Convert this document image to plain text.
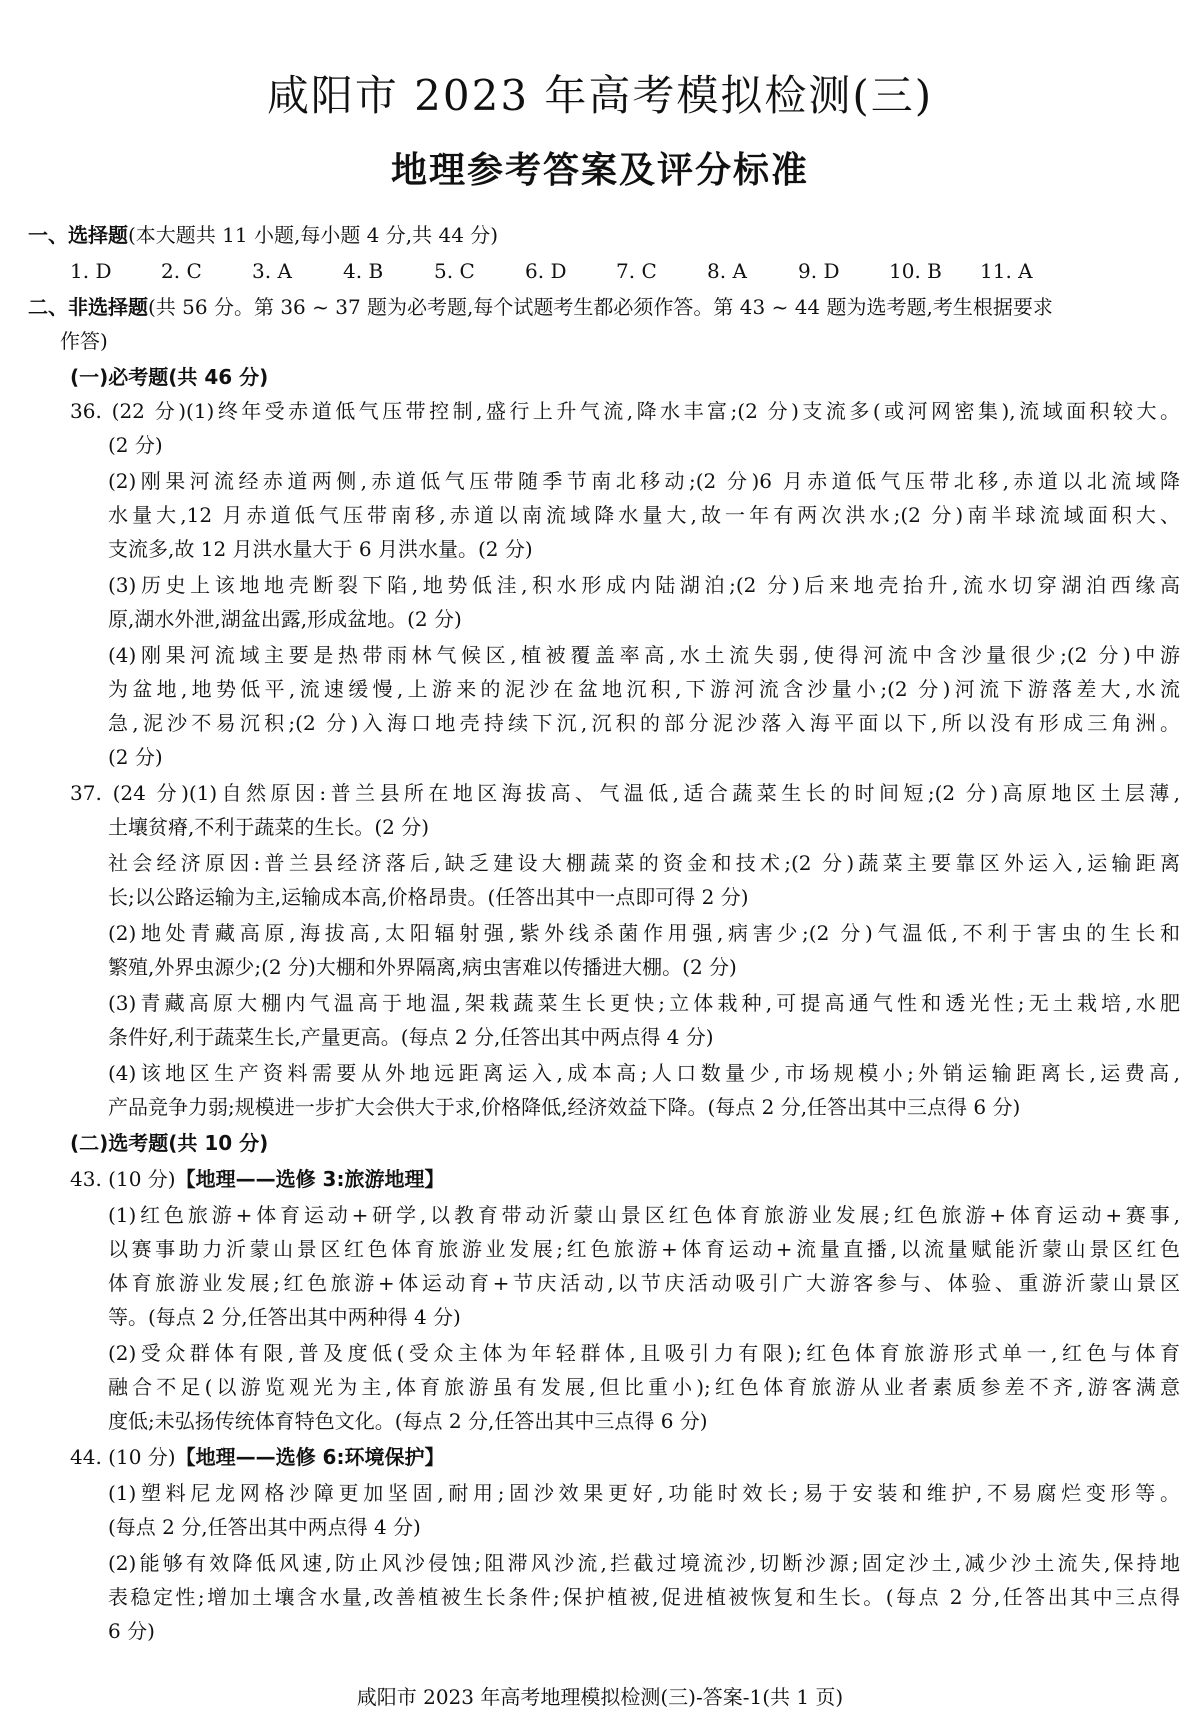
咸阳市 2023 年高考模拟检测(三)
地理参考答案及评分标准
一、选择题(本大题共 11 小题,每小题 4 分,共 44 分)
1. D	2. C	3. A	4. B	5. C	6. D	7. C	8. A	9. D	10. B	11. A
二、非选择题(共 56 分。第 36 ~ 37 题为必考题,每个试题考生都必须作答。第 43 ~ 44 题为选考题,考生根据要求
作答)
(一)必考题(共 46 分)
36. (22 分)(1)终年受赤道低气压带控制,盛行上升气流,降水丰富;(2 分)支流多(或河网密集),流域面积较大。
(2 分)
(2)刚果河流经赤道两侧,赤道低气压带随季节南北移动;(2 分)6 月赤道低气压带北移,赤道以北流域降
水量大,12 月赤道低气压带南移,赤道以南流域降水量大,故一年有两次洪水;(2 分)南半球流域面积大、
支流多,故 12 月洪水量大于 6 月洪水量。(2 分)
(3)历史上该地地壳断裂下陷,地势低洼,积水形成内陆湖泊;(2 分)后来地壳抬升,流水切穿湖泊西缘高
原,湖水外泄,湖盆出露,形成盆地。(2 分)
(4)刚果河流域主要是热带雨林气候区,植被覆盖率高,水土流失弱,使得河流中含沙量很少;(2 分)中游
为盆地,地势低平,流速缓慢,上游来的泥沙在盆地沉积,下游河流含沙量小;(2 分)河流下游落差大,水流
急,泥沙不易沉积;(2 分)入海口地壳持续下沉,沉积的部分泥沙落入海平面以下,所以没有形成三角洲。
(2 分)
37. (24 分)(1)自然原因:普兰县所在地区海拔高、气温低,适合蔬菜生长的时间短;(2 分)高原地区土层薄,
土壤贫瘠,不利于蔬菜的生长。(2 分)
社会经济原因:普兰县经济落后,缺乏建设大棚蔬菜的资金和技术;(2 分)蔬菜主要靠区外运入,运输距离
长;以公路运输为主,运输成本高,价格昂贵。(任答出其中一点即可得 2 分)
(2)地处青藏高原,海拔高,太阳辐射强,紫外线杀菌作用强,病害少;(2 分)气温低,不利于害虫的生长和
繁殖,外界虫源少;(2 分)大棚和外界隔离,病虫害难以传播进大棚。(2 分)
(3)青藏高原大棚内气温高于地温,架栽蔬菜生长更快;立体栽种,可提高通气性和透光性;无土栽培,水肥
条件好,利于蔬菜生长,产量更高。(每点 2 分,任答出其中两点得 4 分)
(4)该地区生产资料需要从外地远距离运入,成本高;人口数量少,市场规模小;外销运输距离长,运费高,
产品竞争力弱;规模进一步扩大会供大于求,价格降低,经济效益下降。(每点 2 分,任答出其中三点得 6 分)
(二)选考题(共 10 分)
43. (10 分)【地理——选修 3:旅游地理】
(1)红色旅游+体育运动+研学,以教育带动沂蒙山景区红色体育旅游业发展;红色旅游+体育运动+赛事,
以赛事助力沂蒙山景区红色体育旅游业发展;红色旅游+体育运动+流量直播,以流量赋能沂蒙山景区红色
体育旅游业发展;红色旅游+体运动育+节庆活动,以节庆活动吸引广大游客参与、体验、重游沂蒙山景区
等。(每点 2 分,任答出其中两种得 4 分)
(2)受众群体有限,普及度低(受众主体为年轻群体,且吸引力有限);红色体育旅游形式单一,红色与体育
融合不足(以游览观光为主,体育旅游虽有发展,但比重小);红色体育旅游从业者素质参差不齐,游客满意
度低;未弘扬传统体育特色文化。(每点 2 分,任答出其中三点得 6 分)
44. (10 分)【地理——选修 6:环境保护】
(1)塑料尼龙网格沙障更加坚固,耐用;固沙效果更好,功能时效长;易于安装和维护,不易腐烂变形等。
(每点 2 分,任答出其中两点得 4 分)
(2)能够有效降低风速,防止风沙侵蚀;阻滞风沙流,拦截过境流沙,切断沙源;固定沙土,减少沙土流失,保持地
表稳定性;增加土壤含水量,改善植被生长条件;保护植被,促进植被恢复和生长。(每点 2 分,任答出其中三点得
6 分)
咸阳市 2023 年高考地理模拟检测(三)-答案-1(共 1 页)
